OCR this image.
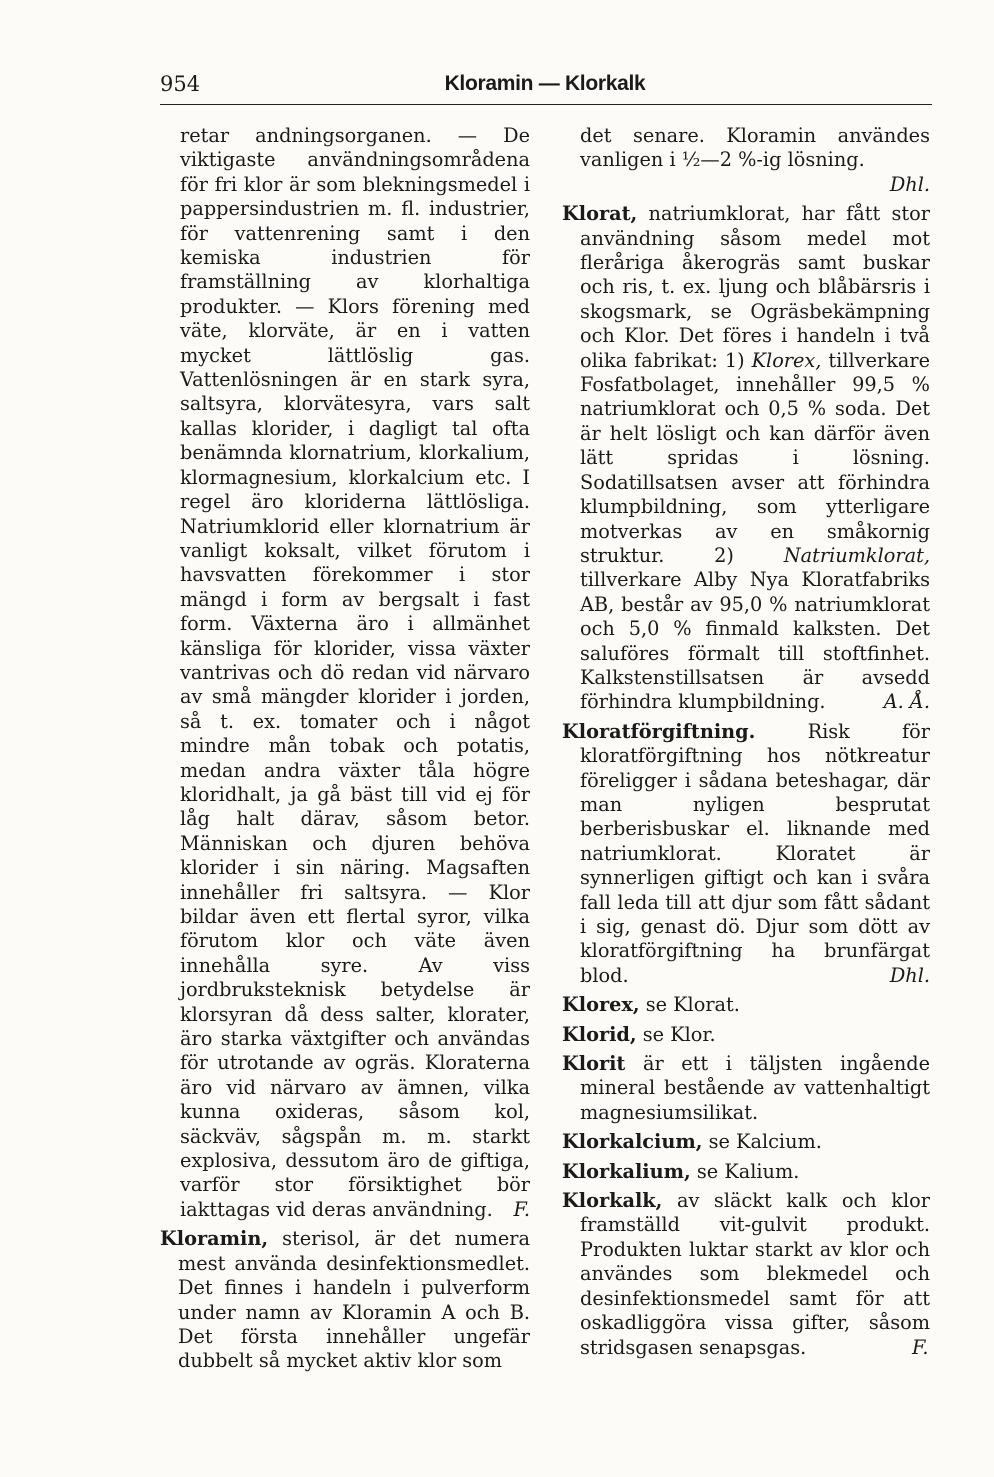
954	Kloramin — Klorkalk

retar andningsorganen. — De viktigaste användningsområdena för fri klor är som blekningsmedel i pappersindustrien m. fl. industrier, för vattenrening samt i den kemiska industrien för framställning av klorhaltiga produkter. — Klors förening med väte, klorväte, är en i vatten mycket lättlöslig gas. Vattenlösningen är en stark syra, saltsyra, klorvätesyra, vars salt kallas klorider, i dagligt tal ofta benämnda klornatrium, klorkalium, klormagnesium, klorkalcium etc. I regel äro kloriderna lättlösliga. Natriumklorid eller klornatrium är vanligt koksalt, vilket förutom i havsvatten förekommer i stor mängd i form av bergsalt i fast form. Växterna äro i allmänhet känsliga för klorider, vissa växter vantrivas och dö redan vid närvaro av små mängder klorider i jorden, så t. ex. tomater och i något mindre mån tobak och potatis, medan andra växter tåla högre kloridhalt, ja gå bäst till vid ej för låg halt därav, såsom betor. Människan och djuren behöva klorider i sin näring. Magsaften innehåller fri saltsyra. — Klor bildar även ett flertal syror, vilka förutom klor och väte även innehålla syre. Av viss jordbruksteknisk betydelse är klorsyran då dess salter, klorater, äro starka växtgifter och användas för utrotande av ogräs. Kloraterna äro vid närvaro av ämnen, vilka kunna oxideras, såsom kol, säckväv, sågspån m. m. starkt explosiva, dessutom äro de giftiga, varför stor försiktighet bör iakttagas vid deras användning. F.

Kloramin, sterisol, är det numera mest använda desinfektionsmedlet. Det finnes i handeln i pulverform under namn av Kloramin A och B. Det första innehåller ungefär dubbelt så mycket aktiv klor som

det senare. Kloramin användes vanligen i ½—2 %-ig lösning.
Dhl.

Klorat, natriumklorat, har fått stor användning såsom medel mot fleråriga åkerogräs samt buskar och ris, t. ex. ljung och blåbärsris i skogsmark, se Ogräsbekämpning och Klor. Det föres i handeln i två olika fabrikat: 1) Klorex, tillverkare Fosfatbolaget, innehåller 99,5 % natriumklorat och 0,5 % soda. Det är helt lösligt och kan därför även lätt spridas i lösning. Sodatillsatsen avser att förhindra klumpbildning, som ytterligare motverkas av en småkornig struktur. 2)	Natriumklorat, tillverkare Alby Nya Kloratfabriks AB, består av 95,0 % natriumklorat och 5,0 % finmald kalksten. Det saluföres förmalt till stoftfinhet. Kalkstenstillsatsen är avsedd förhindra klumpbildning.	A. Å.

Kloratförgiftning.	Risk för kloratförgiftning hos nötkreatur föreligger i sådana beteshagar, där man nyligen besprutat berberisbuskar el. liknande med natriumklorat. Kloratet är synnerligen giftigt och kan i svåra fall leda till att djur som fått sådant i sig, genast dö. Djur som dött av kloratförgiftning ha brunfärgat blod.	Dhl.

Klorex, se Klorat.

Klorid, se Klor.

Klorit är ett i täljsten ingående mineral bestående av vattenhaltigt magnesiumsilikat.

Klorkalcium, se Kalcium.

Klorkalium, se Kalium.

Klorkalk, av släckt kalk och klor framställd vit-gulvit produkt. Produkten luktar starkt av klor och användes som blekmedel och desinfektionsmedel samt för att oskadliggöra vissa gifter, såsom stridsgasen senapsgas.	F.
